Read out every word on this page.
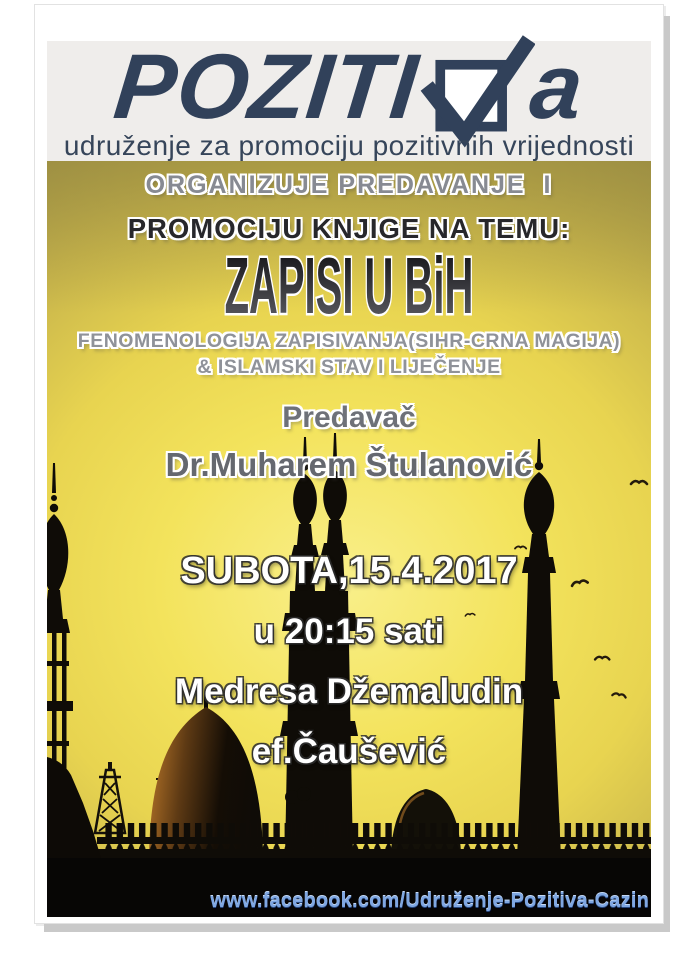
POZITI a
udruženje za promociju pozitivnih vrijednosti
ORGANIZUJE PREDAVANJE  I
PROMOCIJU KNJIGE NA TEMU:
ZAPISI U BiH
FENOMENOLOGIJA ZAPISIVANJA(SIHR-CRNA MAGIJA)
& ISLAMSKI STAV I LIJEČENJE
Predavač
Dr.Muharem Štulanović
SUBOTA,15.4.2017
u 20:15 sati
Medresa Džemaludin
ef.Čaušević
www.facebook.com/Udruženje-Pozitiva-Cazin
